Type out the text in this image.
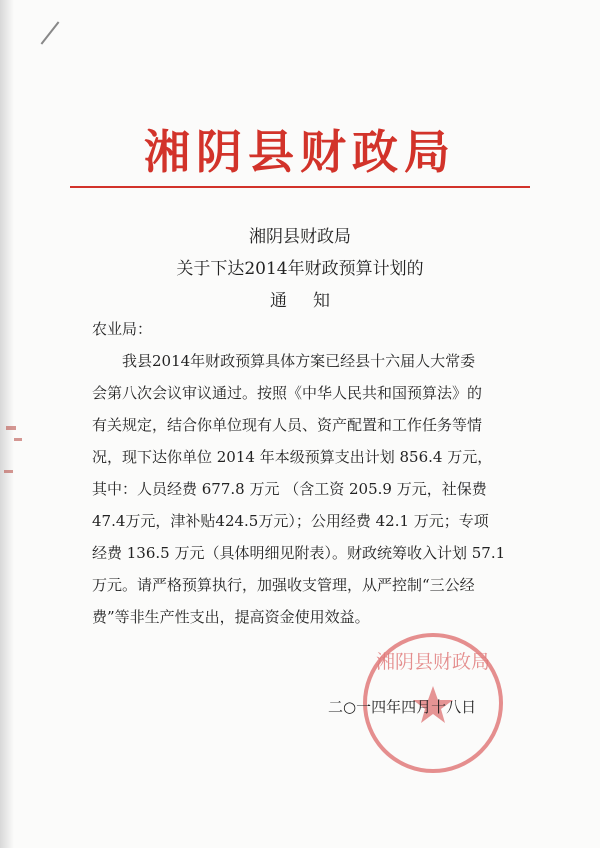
湘阴县财政局
湘阴县财政局
关于下达2014年财政预算计划的
通知
农业局：
我县2014年财政预算具体方案已经县十六届人大常委
会第八次会议审议通过。按照《中华人民共和国预算法》的
有关规定，结合你单位现有人员、资产配置和工作任务等情
况，现下达你单位 2014 年本级预算支出计划 856.4 万元，
其中：人员经费 677.8 万元 （含工资 205.9 万元，社保费
47.4万元，津补贴424.5万元）；公用经费 42.1 万元；专项
经费 136.5 万元（具体明细见附表）。财政统筹收入计划 57.1
万元。请严格预算执行，加强收支管理，从严控制“三公经
费”等非生产性支出，提高资金使用效益。
湘阴县财政局
二○一四年四月十八日
